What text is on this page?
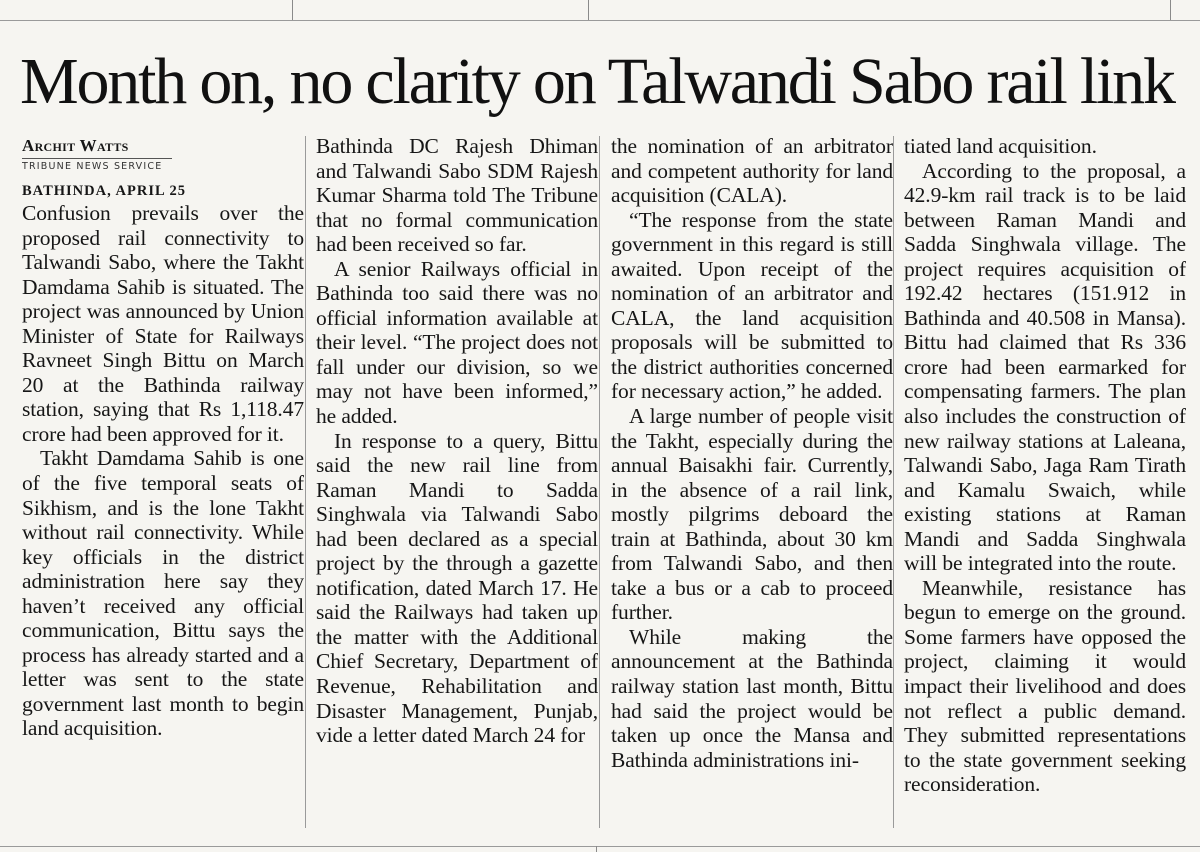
Month on, no clarity on Talwandi Sabo rail link
Archit Watts
TRIBUNE NEWS SERVICE
BATHINDA, APRIL 25

Confusion prevails over the proposed rail connectivity to Talwandi Sabo, where the Takht Damdama Sahib is situated. The project was announced by Union Minister of State for Railways Ravneet Singh Bittu on March 20 at the Bathinda railway station, saying that Rs 1,118.47 crore had been approved for it.

Takht Damdama Sahib is one of the five temporal seats of Sikhism, and is the lone Takht without rail connectivity. While key officials in the district administration here say they haven’t received any official communication, Bittu says the process has already started and a letter was sent to the state government last month to begin land acquisition.

Bathinda DC Rajesh Dhiman and Talwandi Sabo SDM Rajesh Kumar Sharma told The Tribune that no formal communication had been received so far.

A senior Railways official in Bathinda too said there was no official information available at their level. “The project does not fall under our division, so we may not have been informed,” he added.

In response to a query, Bittu said the new rail line from Raman Mandi to Sadda Singhwala via Talwandi Sabo had been declared as a special project by the through a gazette notification, dated March 17. He said the Railways had taken up the matter with the Additional Chief Secretary, Department of Revenue, Rehabilitation and Disaster Management, Punjab, vide a letter dated March 24 for

the nomination of an arbitrator and competent authority for land acquisition (CALA).

“The response from the state government in this regard is still awaited. Upon receipt of the nomination of an arbitrator and CALA, the land acquisition proposals will be submitted to the district authorities concerned for necessary action,” he added.

A large number of people visit the Takht, especially during the annual Baisakhi fair. Currently, in the absence of a rail link, mostly pilgrims deboard the train at Bathinda, about 30 km from Talwandi Sabo, and then take a bus or a cab to proceed further.

While making the announcement at the Bathinda railway station last month, Bittu had said the project would be taken up once the Mansa and Bathinda administrations ini-

tiated land acquisition.

According to the proposal, a 42.9-km rail track is to be laid between Raman Mandi and Sadda Singhwala village. The project requires acquisition of 192.42 hectares (151.912 in Bathinda and 40.508 in Mansa). Bittu had claimed that Rs 336 crore had been earmarked for compensating farmers. The plan also includes the construction of new railway stations at Laleana, Talwandi Sabo, Jaga Ram Tirath and Kamalu Swaich, while existing stations at Raman Mandi and Sadda Singhwala will be integrated into the route.

Meanwhile, resistance has begun to emerge on the ground. Some farmers have opposed the project, claiming it would impact their livelihood and does not reflect a public demand. They submitted representations to the state government seeking reconsideration.
